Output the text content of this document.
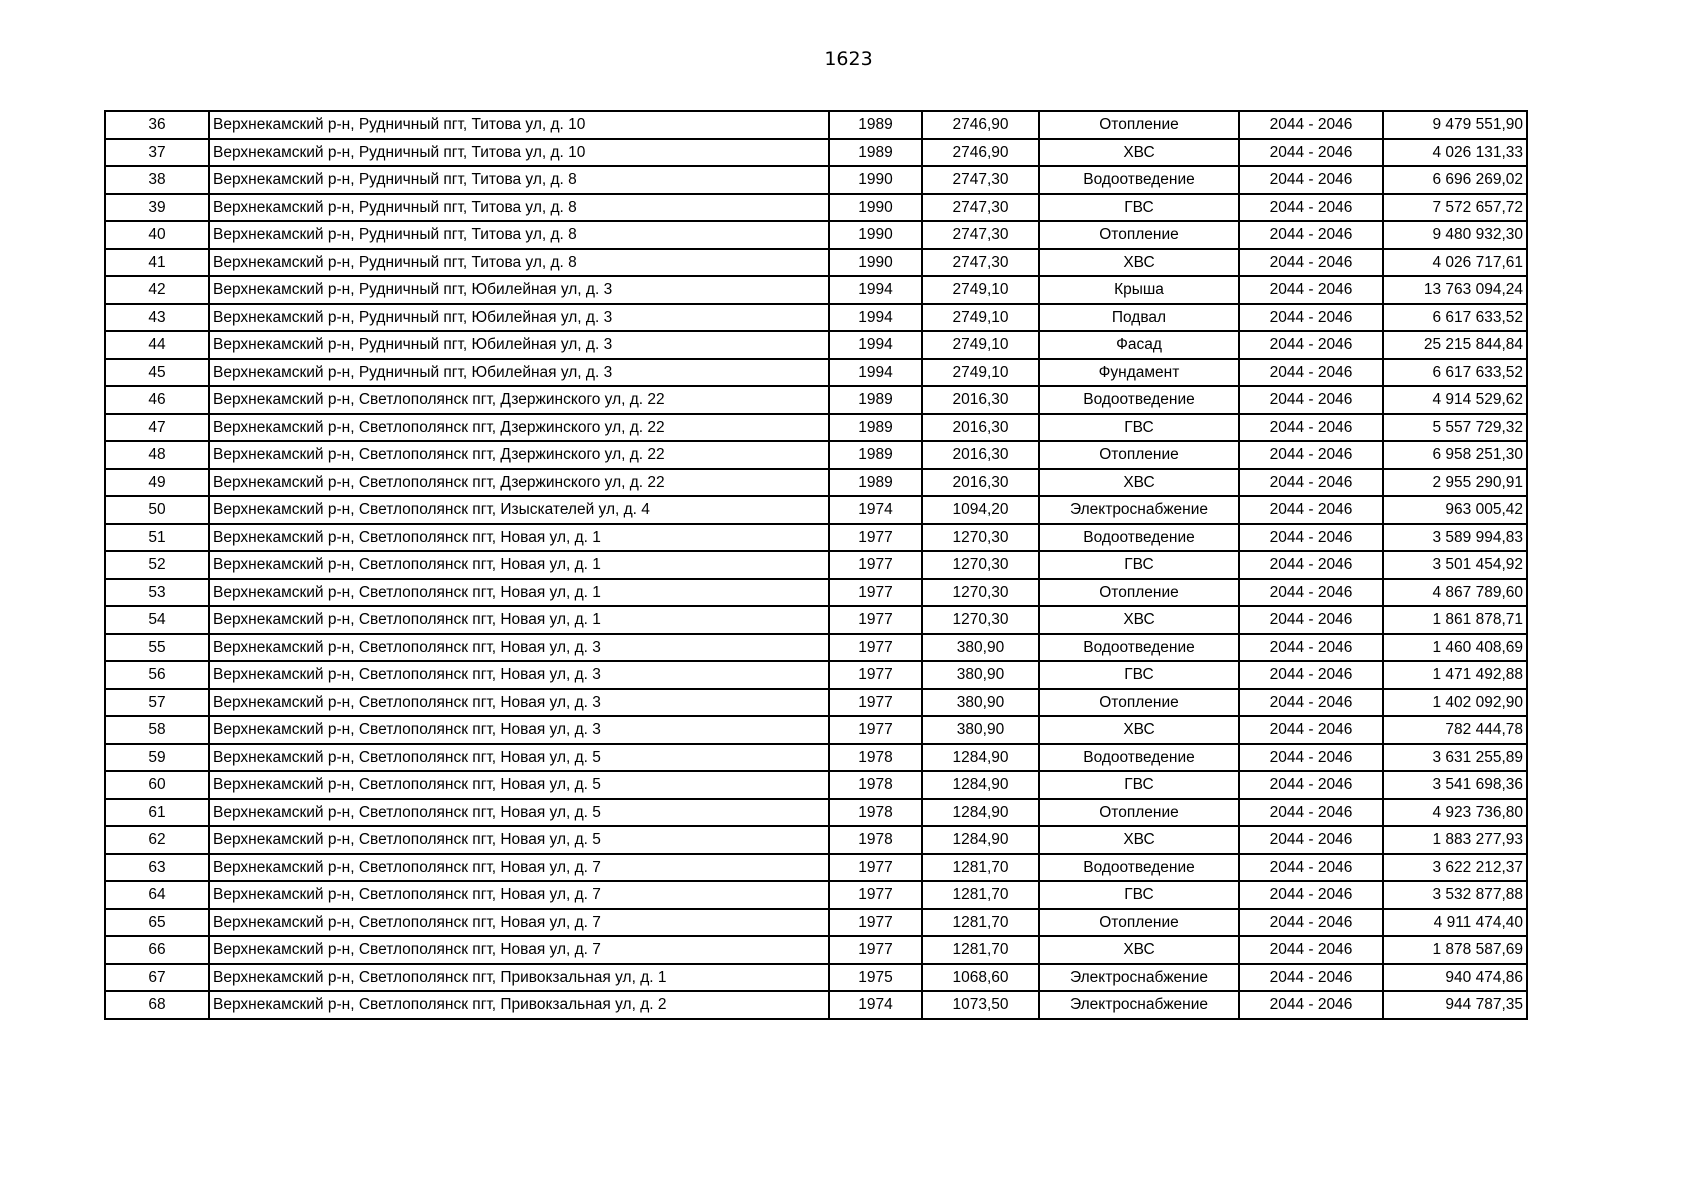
1623
36	Верхнекамский р-н, Рудничный пгт, Титова ул, д. 10	1989	2746,90	Отопление	2044 - 2046	9 479 551,90
37	Верхнекамский р-н, Рудничный пгт, Титова ул, д. 10	1989	2746,90	ХВС	2044 - 2046	4 026 131,33
38	Верхнекамский р-н, Рудничный пгт, Титова ул, д. 8	1990	2747,30	Водоотведение	2044 - 2046	6 696 269,02
39	Верхнекамский р-н, Рудничный пгт, Титова ул, д. 8	1990	2747,30	ГВС	2044 - 2046	7 572 657,72
40	Верхнекамский р-н, Рудничный пгт, Титова ул, д. 8	1990	2747,30	Отопление	2044 - 2046	9 480 932,30
41	Верхнекамский р-н, Рудничный пгт, Титова ул, д. 8	1990	2747,30	ХВС	2044 - 2046	4 026 717,61
42	Верхнекамский р-н, Рудничный пгт, Юбилейная ул, д. 3	1994	2749,10	Крыша	2044 - 2046	13 763 094,24
43	Верхнекамский р-н, Рудничный пгт, Юбилейная ул, д. 3	1994	2749,10	Подвал	2044 - 2046	6 617 633,52
44	Верхнекамский р-н, Рудничный пгт, Юбилейная ул, д. 3	1994	2749,10	Фасад	2044 - 2046	25 215 844,84
45	Верхнекамский р-н, Рудничный пгт, Юбилейная ул, д. 3	1994	2749,10	Фундамент	2044 - 2046	6 617 633,52
46	Верхнекамский р-н, Светлополянск пгт, Дзержинского ул, д. 22	1989	2016,30	Водоотведение	2044 - 2046	4 914 529,62
47	Верхнекамский р-н, Светлополянск пгт, Дзержинского ул, д. 22	1989	2016,30	ГВС	2044 - 2046	5 557 729,32
48	Верхнекамский р-н, Светлополянск пгт, Дзержинского ул, д. 22	1989	2016,30	Отопление	2044 - 2046	6 958 251,30
49	Верхнекамский р-н, Светлополянск пгт, Дзержинского ул, д. 22	1989	2016,30	ХВС	2044 - 2046	2 955 290,91
50	Верхнекамский р-н, Светлополянск пгт, Изыскателей ул, д. 4	1974	1094,20	Электроснабжение	2044 - 2046	963 005,42
51	Верхнекамский р-н, Светлополянск пгт, Новая ул, д. 1	1977	1270,30	Водоотведение	2044 - 2046	3 589 994,83
52	Верхнекамский р-н, Светлополянск пгт, Новая ул, д. 1	1977	1270,30	ГВС	2044 - 2046	3 501 454,92
53	Верхнекамский р-н, Светлополянск пгт, Новая ул, д. 1	1977	1270,30	Отопление	2044 - 2046	4 867 789,60
54	Верхнекамский р-н, Светлополянск пгт, Новая ул, д. 1	1977	1270,30	ХВС	2044 - 2046	1 861 878,71
55	Верхнекамский р-н, Светлополянск пгт, Новая ул, д. 3	1977	380,90	Водоотведение	2044 - 2046	1 460 408,69
56	Верхнекамский р-н, Светлополянск пгт, Новая ул, д. 3	1977	380,90	ГВС	2044 - 2046	1 471 492,88
57	Верхнекамский р-н, Светлополянск пгт, Новая ул, д. 3	1977	380,90	Отопление	2044 - 2046	1 402 092,90
58	Верхнекамский р-н, Светлополянск пгт, Новая ул, д. 3	1977	380,90	ХВС	2044 - 2046	782 444,78
59	Верхнекамский р-н, Светлополянск пгт, Новая ул, д. 5	1978	1284,90	Водоотведение	2044 - 2046	3 631 255,89
60	Верхнекамский р-н, Светлополянск пгт, Новая ул, д. 5	1978	1284,90	ГВС	2044 - 2046	3 541 698,36
61	Верхнекамский р-н, Светлополянск пгт, Новая ул, д. 5	1978	1284,90	Отопление	2044 - 2046	4 923 736,80
62	Верхнекамский р-н, Светлополянск пгт, Новая ул, д. 5	1978	1284,90	ХВС	2044 - 2046	1 883 277,93
63	Верхнекамский р-н, Светлополянск пгт, Новая ул, д. 7	1977	1281,70	Водоотведение	2044 - 2046	3 622 212,37
64	Верхнекамский р-н, Светлополянск пгт, Новая ул, д. 7	1977	1281,70	ГВС	2044 - 2046	3 532 877,88
65	Верхнекамский р-н, Светлополянск пгт, Новая ул, д. 7	1977	1281,70	Отопление	2044 - 2046	4 911 474,40
66	Верхнекамский р-н, Светлополянск пгт, Новая ул, д. 7	1977	1281,70	ХВС	2044 - 2046	1 878 587,69
67	Верхнекамский р-н, Светлополянск пгт, Привокзальная ул, д. 1	1975	1068,60	Электроснабжение	2044 - 2046	940 474,86
68	Верхнекамский р-н, Светлополянск пгт, Привокзальная ул, д. 2	1974	1073,50	Электроснабжение	2044 - 2046	944 787,35
